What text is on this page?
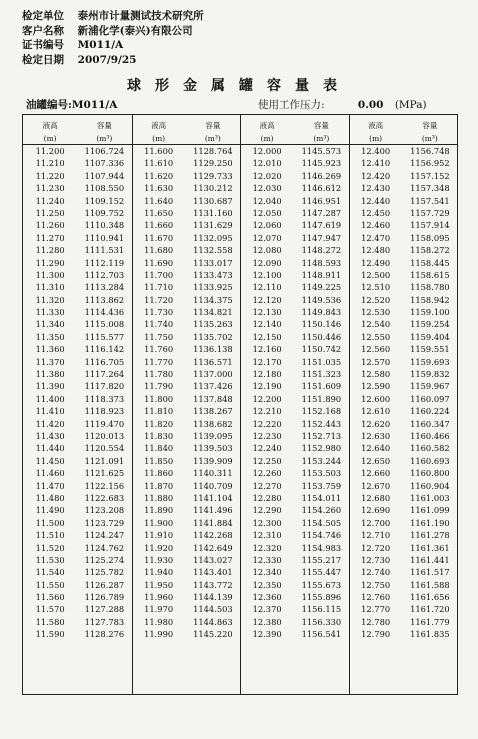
检定单位 泰州市计量测试技术研究所
客户名称 新浦化学(泰兴)有限公司
证书编号 M011/A
检定日期 2007/9/25
球形金属罐容量表
油罐编号:M011/A	使用工作压力:	0.00 (MPa)
液高
(m)
容量
(m³)
11.200	1106.724
11.210	1107.336
11.220	1107.944
11.230	1108.550
11.240	1109.152
11.250	1109.752
11.260	1110.348
11.270	1110.941
11.280	1111.531
11.290	1112.119
11.300	1112.703
11.310	1113.284
11.320	1113.862
11.330	1114.436
11.340	1115.008
11.350	1115.577
11.360	1116.142
11.370	1116.705
11.380	1117.264
11.390	1117.820
11.400	1118.373
11.410	1118.923
11.420	1119.470
11.430	1120.013
11.440	1120.554
11.450	1121.091
11.460	1121.625
11.470	1122.156
11.480	1122.683
11.490	1123.208
11.500	1123.729
11.510	1124.247
11.520	1124.762
11.530	1125.274
11.540	1125.782
11.550	1126.287
11.560	1126.789
11.570	1127.288
11.580	1127.783
11.590	1128.276
液高
(m)
容量
(m³)
11.600	1128.764
11.610	1129.250
11.620	1129.733
11.630	1130.212
11.640	1130.687
11.650	1131.160
11.660	1131.629
11.670	1132.095
11.680	1132.558
11.690	1133.017
11.700	1133.473
11.710	1133.925
11.720	1134.375
11.730	1134.821
11.740	1135.263
11.750	1135.702
11.760	1136.138
11.770	1136.571
11.780	1137.000
11.790	1137.426
11.800	1137.848
11.810	1138.267
11.820	1138.682
11.830	1139.095
11.840	1139.503
11.850	1139.909
11.860	1140.311
11.870	1140.709
11.880	1141.104
11.890	1141.496
11.900	1141.884
11.910	1142.268
11.920	1142.649
11.930	1143.027
11.940	1143.401
11.950	1143.772
11.960	1144.139
11.970	1144.503
11.980	1144.863
11.990	1145.220
液高
(m)
容量
(m³)
12.000	1145.573
12.010	1145.923
12.020	1146.269
12.030	1146.612
12.040	1146.951
12.050	1147.287
12.060	1147.619
12.070	1147.947
12.080	1148.272
12.090	1148.593
12.100	1148.911
12.110	1149.225
12.120	1149.536
12.130	1149.843
12.140	1150.146
12.150	1150.446
12.160	1150.742
12.170	1151.035
12.180	1151.323
12.190	1151.609
12.200	1151.890
12.210	1152.168
12.220	1152.443
12.230	1152.713
12.240	1152.980
12.250	1153.244
12.260	1153.503
12.270	1153.759
12.280	1154.011
12.290	1154.260
12.300	1154.505
12.310	1154.746
12.320	1154.983
12.330	1155.217
12.340	1155.447
12.350	1155.673
12.360	1155.896
12.370	1156.115
12.380	1156.330
12.390	1156.541
液高
(m)
容量
(m³)
12.400	1156.748
12.410	1156.952
12.420	1157.152
12.430	1157.348
12.440	1157.541
12.450	1157.729
12.460	1157.914
12.470	1158.095
12.480	1158.272
12.490	1158.445
12.500	1158.615
12.510	1158.780
12.520	1158.942
12.530	1159.100
12.540	1159.254
12.550	1159.404
12.560	1159.551
12.570	1159.693
12.580	1159.832
12.590	1159.967
12.600	1160.097
12.610	1160.224
12.620	1160.347
12.630	1160.466
12.640	1160.582
12.650	1160.693
12.660	1160.800
12.670	1160.904
12.680	1161.003
12.690	1161.099
12.700	1161.190
12.710	1161.278
12.720	1161.361
12.730	1161.441
12.740	1161.517
12.750	1161.588
12.760	1161.656
12.770	1161.720
12.780	1161.779
12.790	1161.835
